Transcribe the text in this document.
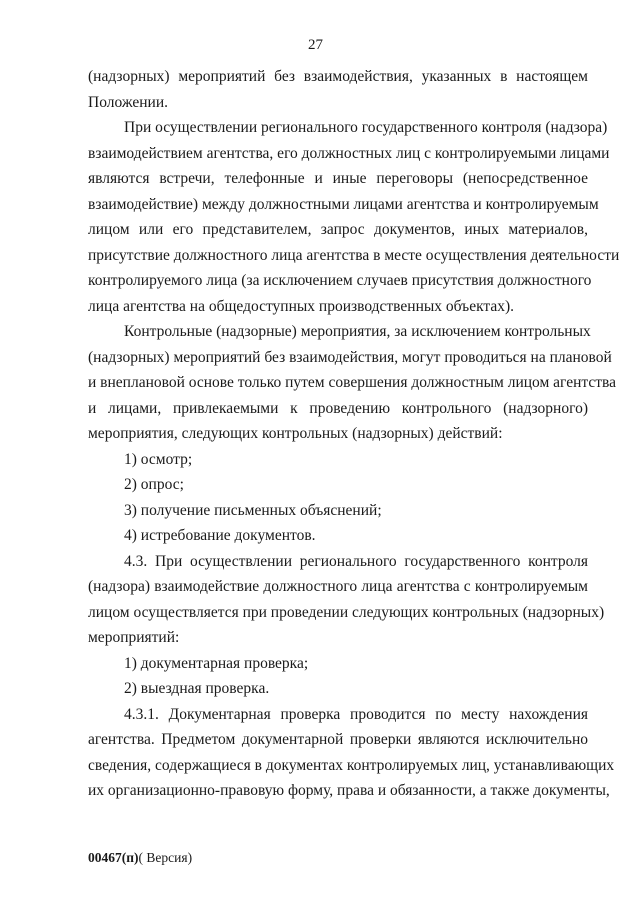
27
(надзорных) мероприятий без взаимодействия, указанных в настоящем
Положении.
При осуществлении регионального государственного контроля (надзора)
взаимодействием агентства, его должностных лиц с контролируемыми лицами
являются встречи, телефонные и иные переговоры (непосредственное
взаимодействие) между должностными лицами агентства и контролируемым
лицом или его представителем, запрос документов, иных материалов,
присутствие должностного лица агентства в месте осуществления деятельности
контролируемого лица (за исключением случаев присутствия должностного
лица агентства на общедоступных производственных объектах).
Контрольные (надзорные) мероприятия, за исключением контрольных
(надзорных) мероприятий без взаимодействия, могут проводиться на плановой
и внеплановой основе только путем совершения должностным лицом агентства
и лицами, привлекаемыми к проведению контрольного (надзорного)
мероприятия, следующих контрольных (надзорных) действий:
1) осмотр;
2) опрос;
3) получение письменных объяснений;
4) истребование документов.
4.3. При осуществлении регионального государственного контроля
(надзора) взаимодействие должностного лица агентства с контролируемым
лицом осуществляется при проведении следующих контрольных (надзорных)
мероприятий:
1) документарная проверка;
2) выездная проверка.
4.3.1. Документарная проверка проводится по месту нахождения
агентства. Предметом документарной проверки являются исключительно
сведения, содержащиеся в документах контролируемых лиц, устанавливающих
их организационно-правовую форму, права и обязанности, а также документы,
00467(п)( Версия)
